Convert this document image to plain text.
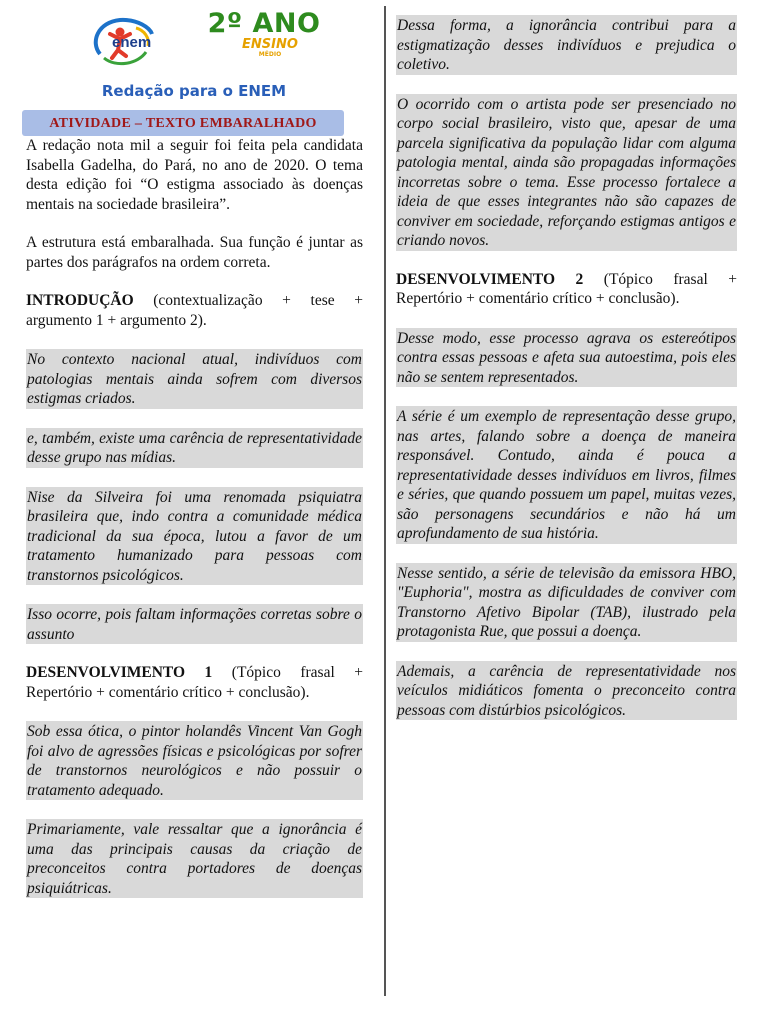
enem
2º ANO
ENSINO
MÉDIO
Redação para o ENEM
ATIVIDADE – TEXTO EMBARALHADO

A redação nota mil a seguir foi feita pela candidata Isabella Gadelha, do Pará, no ano de 2020. O tema desta edição foi “O estigma associado às doenças mentais na sociedade brasileira”.

A estrutura está embaralhada. Sua função é juntar as partes dos parágrafos na ordem correta.

INTRODUÇÃO (contextualização + tese + argumento 1 + argumento 2).

No contexto nacional atual, indivíduos com patologias mentais ainda sofrem com diversos estigmas criados.

e, também, existe uma carência de representatividade desse grupo nas mídias.

Nise da Silveira foi uma renomada psiquiatra brasileira que, indo contra a comunidade médica tradicional da sua época, lutou a favor de um tratamento humanizado para pessoas com transtornos psicológicos.

Isso ocorre, pois faltam informações corretas sobre o assunto

DESENVOLVIMENTO 1 (Tópico frasal + Repertório + comentário crítico + conclusão).

Sob essa ótica, o pintor holandês Vincent Van Gogh foi alvo de agressões físicas e psicológicas por sofrer de transtornos neurológicos e não possuir o tratamento adequado.

Primariamente, vale ressaltar que a ignorância é uma das principais causas da criação de preconceitos contra portadores de doenças psiquiátricas.

Dessa forma, a ignorância contribui para a estigmatização desses indivíduos e prejudica o coletivo.

O ocorrido com o artista pode ser presenciado no corpo social brasileiro, visto que, apesar de uma parcela significativa da população lidar com alguma patologia mental, ainda são propagadas informações incorretas sobre o tema. Esse processo fortalece a ideia de que esses integrantes não são capazes de conviver em sociedade, reforçando estigmas antigos e criando novos.

DESENVOLVIMENTO 2 (Tópico frasal + Repertório + comentário crítico + conclusão).

Desse modo, esse processo agrava os estereótipos contra essas pessoas e afeta sua autoestima, pois eles não se sentem representados.

A série é um exemplo de representação desse grupo, nas artes, falando sobre a doença de maneira responsável. Contudo, ainda é pouca a representatividade desses indivíduos em livros, filmes e séries, que quando possuem um papel, muitas vezes, são personagens secundários e não há um aprofundamento de sua história.

Nesse sentido, a série de televisão da emissora HBO, "Euphoria", mostra as dificuldades de conviver com Transtorno Afetivo Bipolar (TAB), ilustrado pela protagonista Rue, que possui a doença.

Ademais, a carência de representatividade nos veículos midiáticos fomenta o preconceito contra pessoas com distúrbios psicológicos.
